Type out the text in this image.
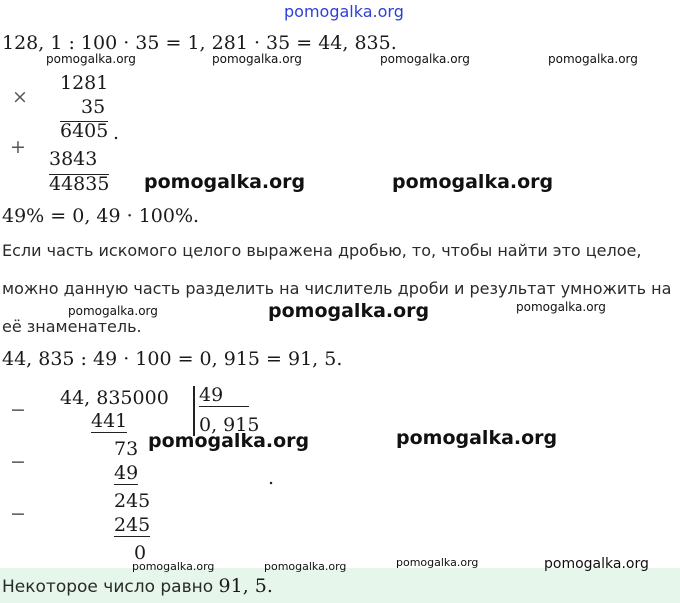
pomogalka.org
128, 1 : 100 · 35 = 1, 281 · 35 = 44, 835.
pomogalka.org	pomogalka.org	pomogalka.org	pomogalka.org
×
1281
35
6405 .
+
3843
44835 pomogalka.org	pomogalka.org
49% = 0, 49 · 100%.
Если часть искомого целого выражена дробью, то, чтобы найти это целое,
можно данную часть разделить на числитель дроби и результат умножить на
её знаменатель.
pomogalka.org	pomogalka.org	pomogalka.org
44, 835 : 49 · 100 = 0, 915 = 91, 5.
−
44, 835000 49
0, 915
441
73
−	49
245
−	245
0
.
pomogalka.org	pomogalka.org
pomogalka.org	pomogalka.org	pomogalka.org	pomogalka.org
Некоторое число равно 91, 5.
